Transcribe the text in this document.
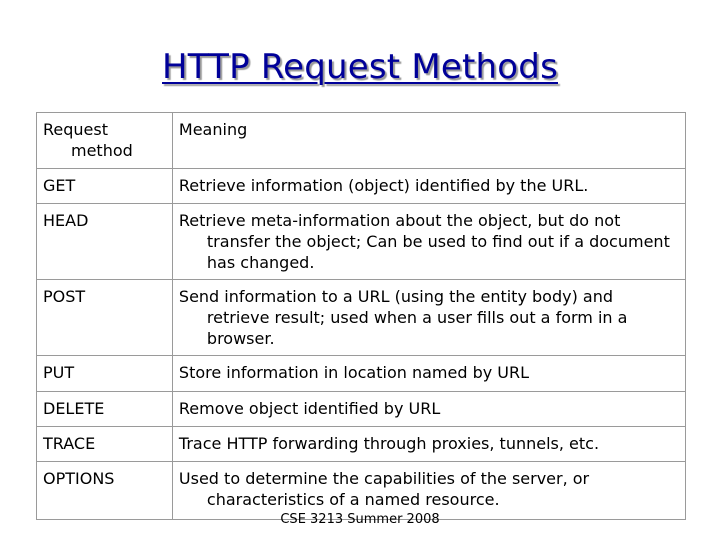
HTTP Request Methods
Request method	Meaning
GET	Retrieve information (object) identified by the URL.

HEAD	Retrieve meta-information about the object, but do not transfer the object; Can be used to find out if a document has changed.

POST	Send information to a URL (using the entity body) and retrieve result; used when a user fills out a form in a browser.

PUT	Store information in location named by URL

DELETE	Remove object identified by URL

TRACE	Trace HTTP forwarding through proxies, tunnels, etc.

OPTIONS	Used to determine the capabilities of the server, or characteristics of a named resource.
CSE 3213 Summer 2008
